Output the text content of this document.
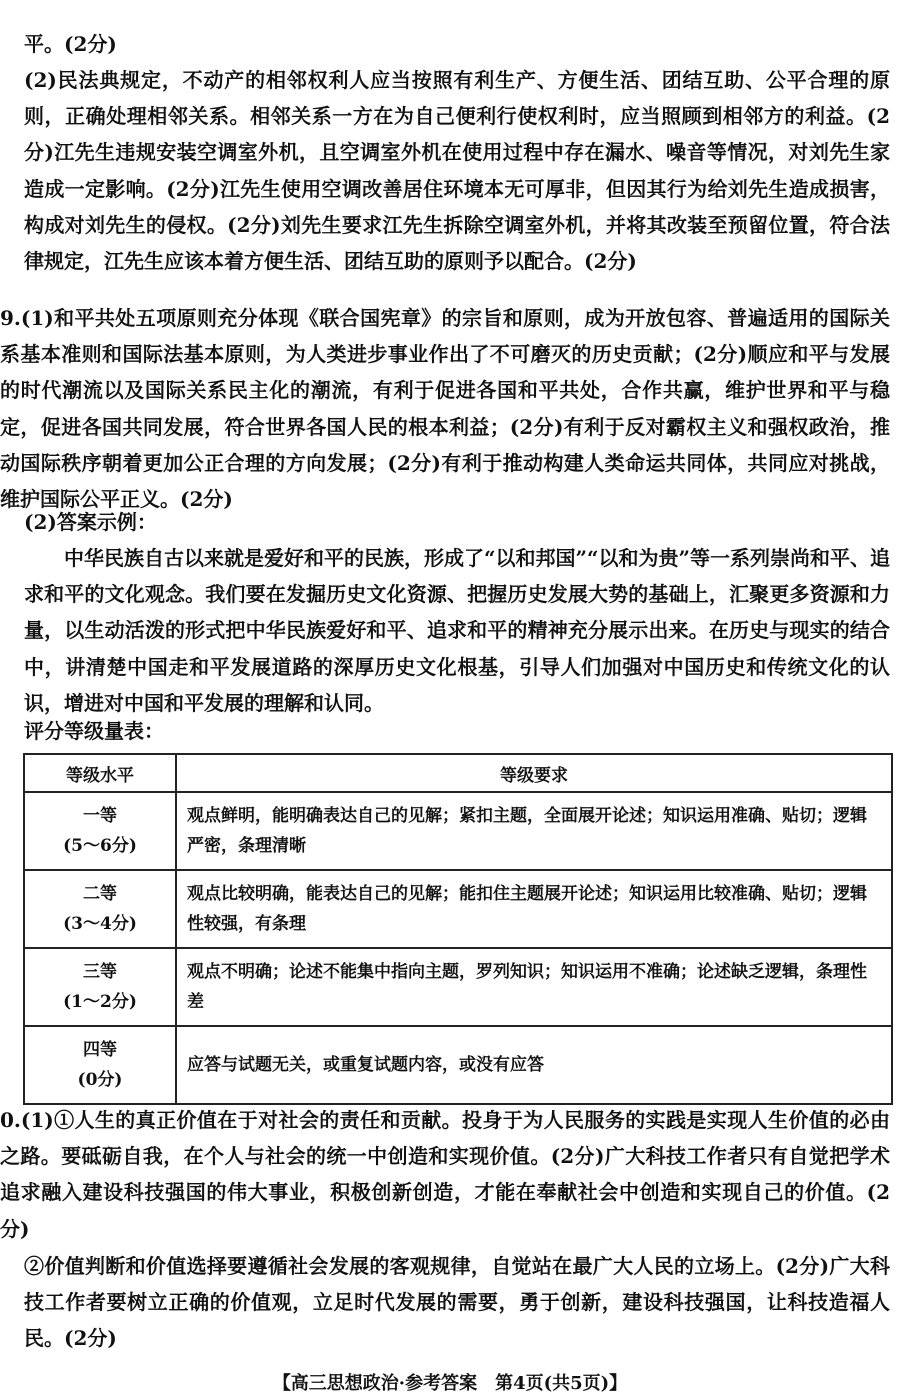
平。(2分)

(2)民法典规定，不动产的相邻权利人应当按照有利生产、方便生活、团结互助、公平合理的原则，正确处理相邻关系。相邻关系一方在为自己便利行使权利时，应当照顾到相邻方的利益。(2分)江先生违规安装空调室外机，且空调室外机在使用过程中存在漏水、噪音等情况，对刘先生家造成一定影响。(2分)江先生使用空调改善居住环境本无可厚非，但因其行为给刘先生造成损害，构成对刘先生的侵权。(2分)刘先生要求江先生拆除空调室外机，并将其改装至预留位置，符合法律规定，江先生应该本着方便生活、团结互助的原则予以配合。(2分)

9.(1)和平共处五项原则充分体现《联合国宪章》的宗旨和原则，成为开放包容、普遍适用的国际关系基本准则和国际法基本原则，为人类进步事业作出了不可磨灭的历史贡献；(2分)顺应和平与发展的时代潮流以及国际关系民主化的潮流，有利于促进各国和平共处，合作共赢，维护世界和平与稳定，促进各国共同发展，符合世界各国人民的根本利益；(2分)有利于反对霸权主义和强权政治，推动国际秩序朝着更加公正合理的方向发展；(2分)有利于推动构建人类命运共同体，共同应对挑战，维护国际公平正义。(2分)

(2)答案示例：

中华民族自古以来就是爱好和平的民族，形成了“以和邦国”“以和为贵”等一系列崇尚和平、追求和平的文化观念。我们要在发掘历史文化资源、把握历史发展大势的基础上，汇聚更多资源和力量，以生动活泼的形式把中华民族爱好和平、追求和平的精神充分展示出来。在历史与现实的结合中，讲清楚中国走和平发展道路的深厚历史文化根基，引导人们加强对中国历史和传统文化的认识，增进对中国和平发展的理解和认同。

评分等级量表：

等级水平	等级要求

一等
(5～6分)	观点鲜明，能明确表达自己的见解；紧扣主题，全面展开论述；知识运用准确、贴切；逻辑严密，条理清晰

二等
(3～4分)	观点比较明确，能表达自己的见解；能扣住主题展开论述；知识运用比较准确、贴切；逻辑性较强，有条理

三等
(1～2分)	观点不明确；论述不能集中指向主题，罗列知识；知识运用不准确；论述缺乏逻辑，条理性差

四等
(0分)	应答与试题无关，或重复试题内容，或没有应答

0.(1)①人生的真正价值在于对社会的责任和贡献。投身于为人民服务的实践是实现人生价值的必由之路。要砥砺自我，在个人与社会的统一中创造和实现价值。(2分)广大科技工作者只有自觉把学术追求融入建设科技强国的伟大事业，积极创新创造，才能在奉献社会中创造和实现自己的价值。(2分)

②价值判断和价值选择要遵循社会发展的客观规律，自觉站在最广大人民的立场上。(2分)广大科技工作者要树立正确的价值观，立足时代发展的需要，勇于创新，建设科技强国，让科技造福人民。(2分)

【高三思想政治·参考答案　第4页(共5页)】
